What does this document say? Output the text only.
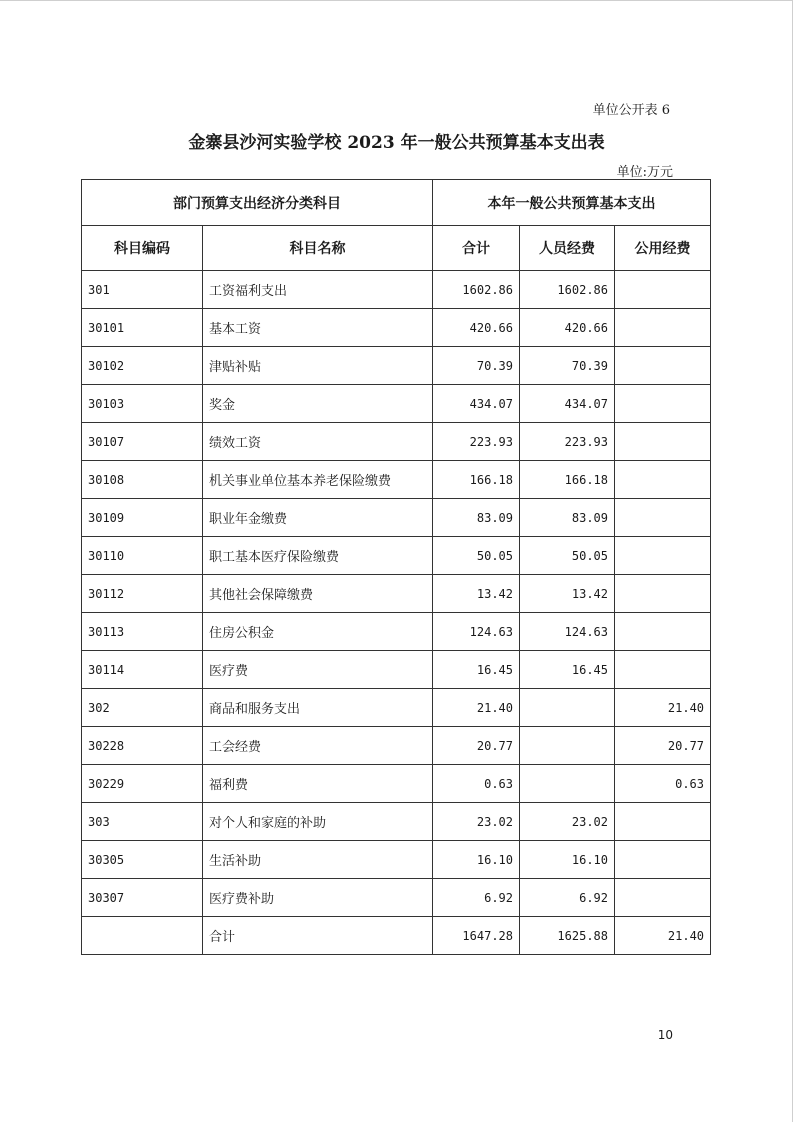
单位公开表 6
金寨县沙河实验学校 2023 年一般公共预算基本支出表
单位:万元
部门预算支出经济分类科目		本年一般公共预算基本支出		
科目编码	科目名称	合计	人员经费	公用经费
301	工资福利支出	1602.86	1602.86	
30101	基本工资	420.66	420.66	
30102	津贴补贴	70.39	70.39	
30103	奖金	434.07	434.07	
30107	绩效工资	223.93	223.93	
30108	机关事业单位基本养老保险缴费	166.18	166.18	
30109	职业年金缴费	83.09	83.09	
30110	职工基本医疗保险缴费	50.05	50.05	
30112	其他社会保障缴费	13.42	13.42	
30113	住房公积金	124.63	124.63	
30114	医疗费	16.45	16.45	
302	商品和服务支出	21.40		21.40
30228	工会经费	20.77		20.77
30229	福利费	0.63		0.63
303	对个人和家庭的补助	23.02	23.02	
30305	生活补助	16.10	16.10	
30307	医疗费补助	6.92	6.92	
	合计	1647.28	1625.88	21.40
10
